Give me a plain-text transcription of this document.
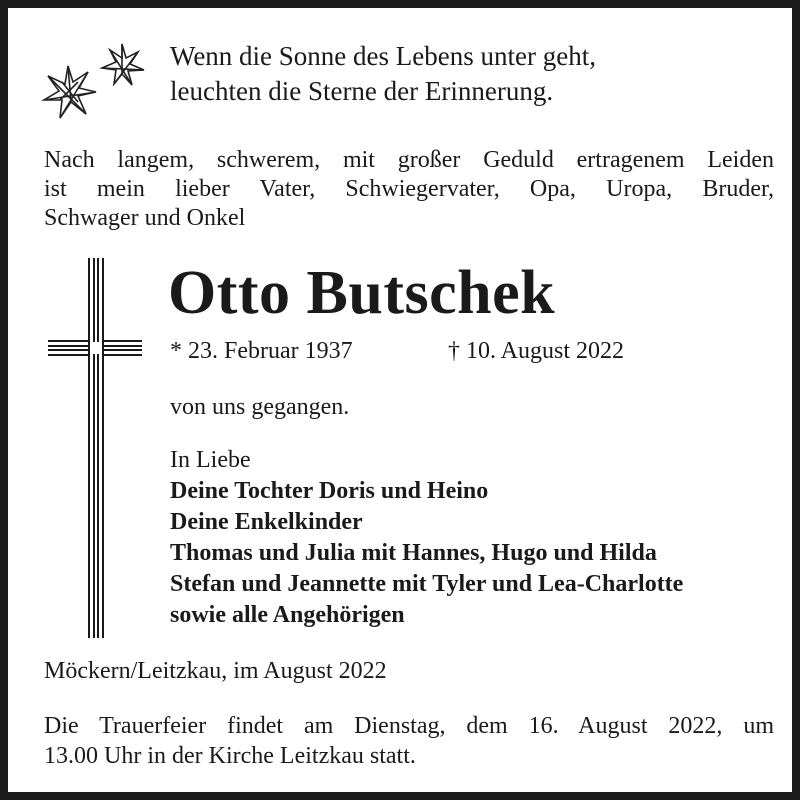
Wenn die Sonne des Lebens unter geht,
leuchten die Sterne der Erinnerung.
Nach langem, schwerem, mit großer Geduld ertragenem Leiden
ist mein lieber Vater, Schwiegervater, Opa, Uropa, Bruder,
Schwager und Onkel
Otto Butschek
* 23. Februar 1937	† 10. August 2022
von uns gegangen.
In Liebe
Deine Tochter Doris und Heino
Deine Enkelkinder
Thomas und Julia mit Hannes, Hugo und Hilda
Stefan und Jeannette mit Tyler und Lea-Charlotte
sowie alle Angehörigen
Möckern/Leitzkau, im August 2022
Die Trauerfeier findet am Dienstag, dem 16. August 2022, um
13.00 Uhr in der Kirche Leitzkau statt.
